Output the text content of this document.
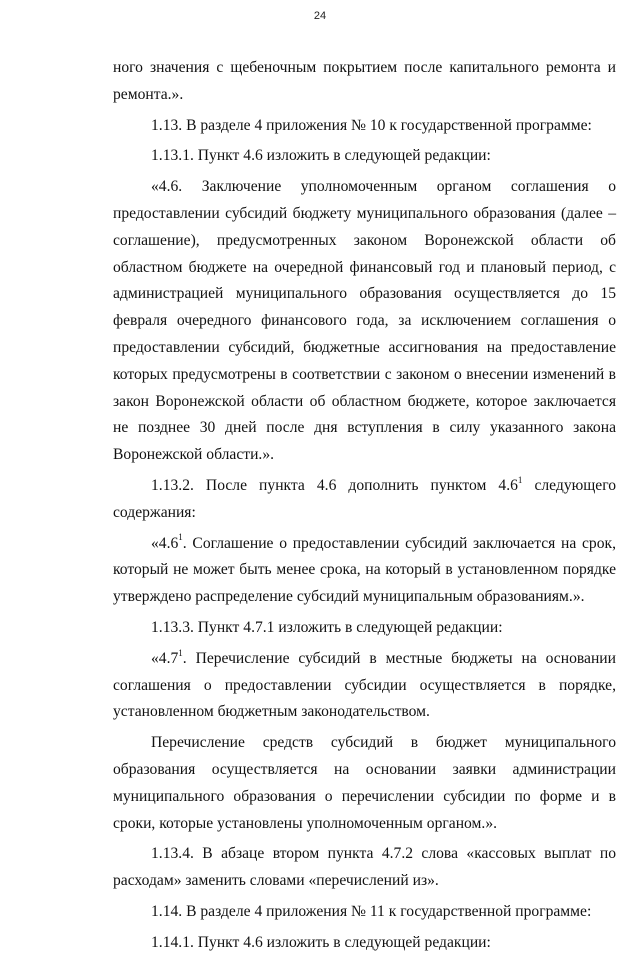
24

ного значения с щебеночным покрытием после капитального ремонта и ремонта.».

1.13. В разделе 4 приложения № 10 к государственной программе:

1.13.1. Пункт 4.6 изложить в следующей редакции:

«4.6. Заключение уполномоченным органом соглашения о предоставлении субсидий бюджету муниципального образования (далее – соглашение), предусмотренных законом Воронежской области об областном бюджете на очередной финансовый год и плановый период, с администрацией муниципального образования осуществляется до 15 февраля очередного финансового года, за исключением соглашения о предоставлении субсидий, бюджетные ассигнования на предоставление которых предусмотрены в соответствии с законом о внесении изменений в закон Воронежской области об областном бюджете, которое заключается не позднее 30 дней после дня вступления в силу указанного закона Воронежской области.».

1.13.2. После пункта 4.6 дополнить пунктом $4.6^1$ следующего содержания:

«$4.6^1$. Соглашение о предоставлении субсидий заключается на срок, который не может быть менее срока, на который в установленном порядке утверждено распределение субсидий муниципальным образованиям.».

1.13.3. Пункт 4.7.1 изложить в следующей редакции:

«$4.7^1$. Перечисление субсидий в местные бюджеты на основании соглашения о предоставлении субсидии осуществляется в порядке, установленном бюджетным законодательством.

Перечисление средств субсидий в бюджет муниципального образования осуществляется на основании заявки администрации муниципального образования о перечислении субсидии по форме и в сроки, которые установлены уполномоченным органом.».

1.13.4. В абзаце втором пункта 4.7.2 слова «кассовых выплат по расходам» заменить словами «перечислений из».

1.14. В разделе 4 приложения № 11 к государственной программе:

1.14.1. Пункт 4.6 изложить в следующей редакции:
